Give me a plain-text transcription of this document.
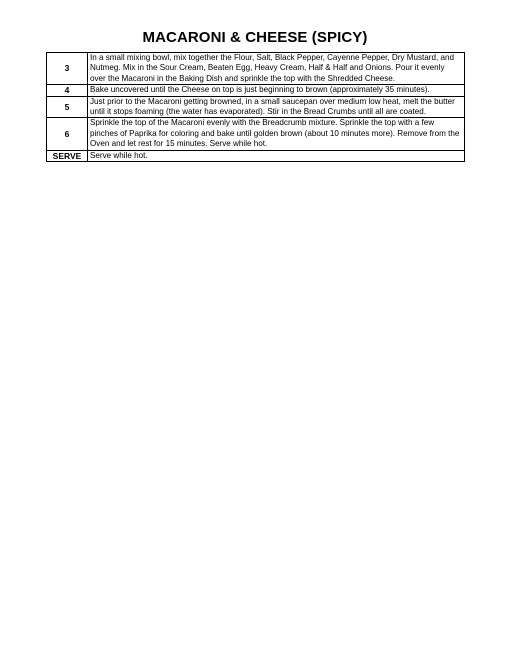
MACARONI & CHEESE (SPICY)
3	In a small mixing bowl, mix together the Flour, Salt, Black Pepper, Cayenne Pepper, Dry Mustard, and Nutmeg. Mix in the Sour Cream, Beaten Egg, Heavy Cream, Half & Half and Onions. Pour it evenly over the Macaroni in the Baking Dish and sprinkle the top with the Shredded Cheese.
4	Bake uncovered until the Cheese on top is just beginning to brown (approximately 35 minutes).
5	Just prior to the Macaroni getting browned, in a small saucepan over medium low heat, melt the butter until it stops foaming (the water has evaporated). Stir in the Bread Crumbs until all are coated.
6	Sprinkle the top of the Macaroni evenly with the Breadcrumb mixture. Sprinkle the top with a few pinches of Paprika for coloring and bake until golden brown (about 10 minutes more). Remove from the Oven and let rest for 15 minutes. Serve while hot.
SERVE	Serve while hot.
